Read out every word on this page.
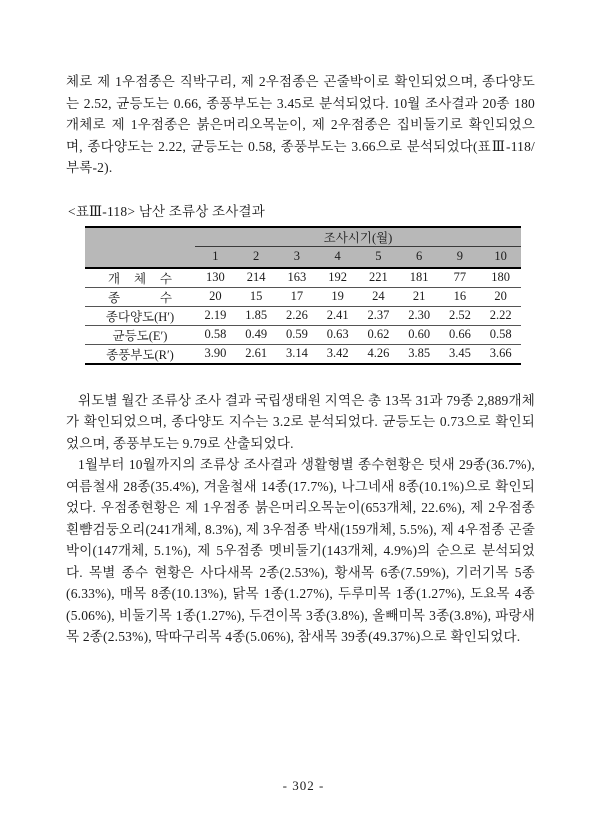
체로 제 1우점종은 직박구리, 제 2우점종은 곤줄박이로 확인되었으며, 종다양도는 2.52, 균등도는 0.66, 종풍부도는 3.45로 분석되었다. 10월 조사결과 20종 180개체로 제 1우점종은 붉은머리오목눈이, 제 2우점종은 집비둘기로 확인되었으며, 종다양도는 2.22, 균등도는 0.58, 종풍부도는 3.66으로 분석되었다(표Ⅲ-118/부록-2).

<표Ⅲ-118> 남산 조류상 조사결과
	조사시기(월)							
	1	2	3	4	5	6	9	10
개 체 수	130	214	163	192	221	181	77	180
종 수	20	15	17	19	24	21	16	20
종다양도(H′)	2.19	1.85	2.26	2.41	2.37	2.30	2.52	2.22
균등도(E′)	0.58	0.49	0.59	0.63	0.62	0.60	0.66	0.58
종풍부도(R′)	3.90	2.61	3.14	3.42	4.26	3.85	3.45	3.66

위도별 월간 조류상 조사 결과 국립생태원 지역은 총 13목 31과 79종 2,889개체가 확인되었으며, 종다양도 지수는 3.2로 분석되었다. 균등도는 0.73으로 확인되었으며, 종풍부도는 9.79로 산출되었다.

1월부터 10월까지의 조류상 조사결과 생활형별 종수현황은 텃새 29종(36.7%), 여름철새 28종(35.4%), 겨울철새 14종(17.7%), 나그네새 8종(10.1%)으로 확인되었다. 우점종현황은 제 1우점종 붉은머리오목눈이(653개체, 22.6%), 제 2우점종 흰뺨검둥오리(241개체, 8.3%), 제 3우점종 박새(159개체, 5.5%), 제 4우점종 곤줄박이(147개체, 5.1%), 제 5우점종 멧비둘기(143개체, 4.9%)의 순으로 분석되었다. 목별 종수 현황은 사다새목 2종(2.53%), 황새목 6종(7.59%), 기러기목 5종(6.33%), 매목 8종(10.13%), 닭목 1종(1.27%), 두루미목 1종(1.27%), 도요목 4종(5.06%), 비둘기목 1종(1.27%), 두견이목 3종(3.8%), 올빼미목 3종(3.8%), 파랑새목 2종(2.53%), 딱따구리목 4종(5.06%), 참새목 39종(49.37%)으로 확인되었다.

- 302 -
